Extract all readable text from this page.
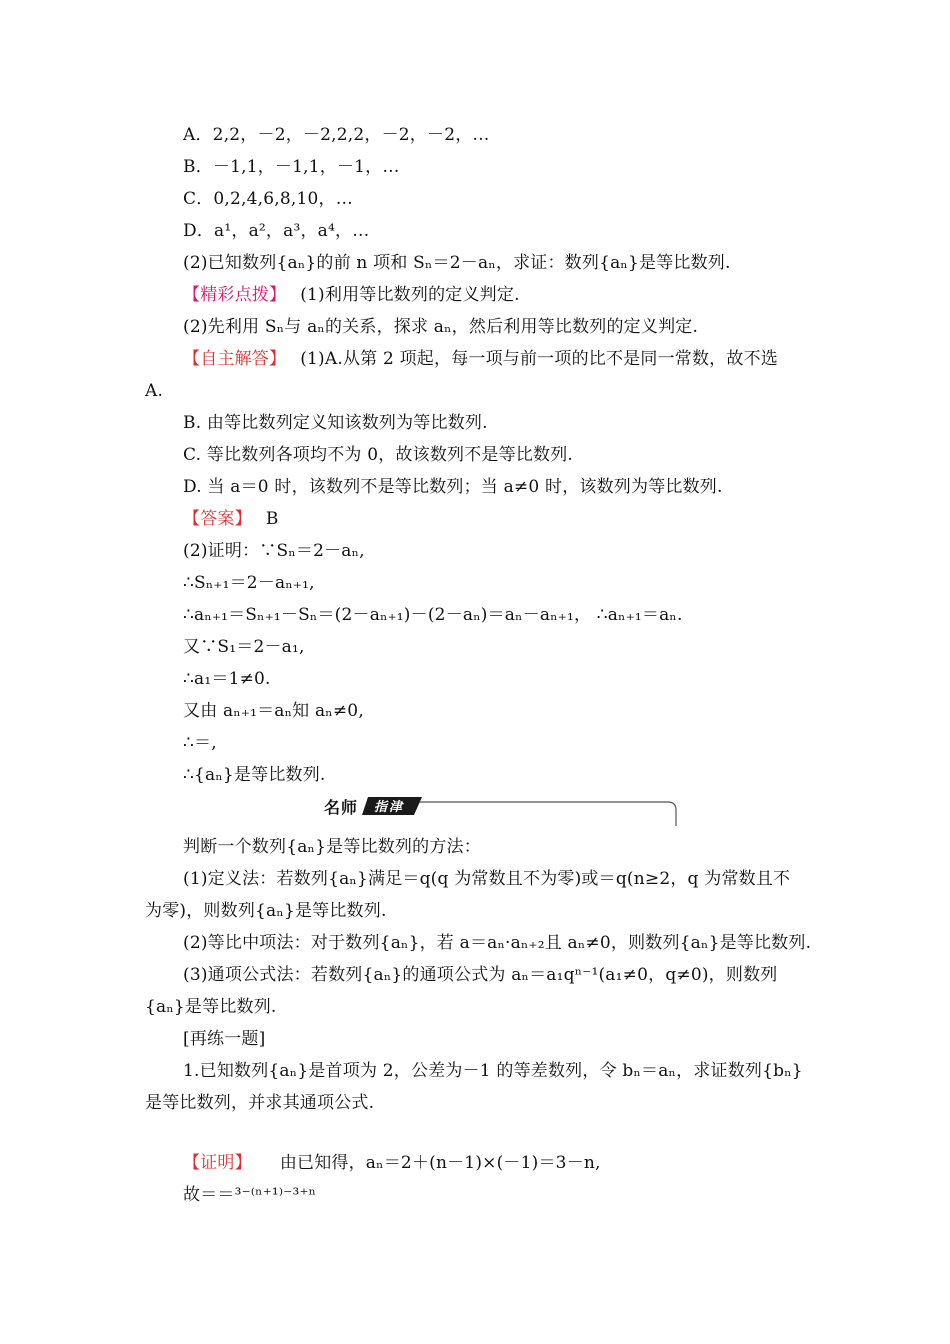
A．2,2，－2，－2,2,2，－2，－2，…
B．－1,1，－1,1，－1，…
C．0,2,4,6,8,10，…
D．a¹，a²，a³，a⁴，…
(2)已知数列{aₙ}的前 n 项和 Sₙ＝2－aₙ，求证：数列{aₙ}是等比数列.
【精彩点拨】 (1)利用等比数列的定义判定.
(2)先利用 Sₙ与 aₙ的关系，探求 aₙ，然后利用等比数列的定义判定.
【自主解答】 (1)A.从第 2 项起，每一项与前一项的比不是同一常数，故不选
A.
B. 由等比数列定义知该数列为等比数列.
C. 等比数列各项均不为 0，故该数列不是等比数列.
D. 当 a＝0 时，该数列不是等比数列；当 a≠0 时，该数列为等比数列.
【答案】 B
(2)证明：∵Sₙ＝2－aₙ,
∴Sₙ₊₁＝2－aₙ₊₁,
∴aₙ₊₁＝Sₙ₊₁－Sₙ＝(2－aₙ₊₁)－(2－aₙ)＝aₙ－aₙ₊₁， ∴aₙ₊₁＝aₙ.
又∵S₁＝2－a₁,
∴a₁＝1≠0.
又由 aₙ₊₁＝aₙ知 aₙ≠0,
∴＝,
∴{aₙ}是等比数列.
名师 指津
判断一个数列{aₙ}是等比数列的方法：
(1)定义法：若数列{aₙ}满足＝q(q 为常数且不为零)或＝q(n≥2，q 为常数且不
为零)，则数列{aₙ}是等比数列.
(2)等比中项法：对于数列{aₙ}，若 a＝aₙ·aₙ₊₂且 aₙ≠0，则数列{aₙ}是等比数列.
(3)通项公式法：若数列{aₙ}的通项公式为 aₙ＝a₁qⁿ⁻¹(a₁≠0，q≠0)，则数列
{aₙ}是等比数列.
[再练一题]
1.已知数列{aₙ}是首项为 2，公差为－1 的等差数列，令 bₙ＝aₙ，求证数列{bₙ}
是等比数列，并求其通项公式.
【证明】 由已知得，aₙ＝2＋(n－1)×(－1)＝3－n,
故＝＝³⁻⁽ⁿ⁺¹⁾⁻³⁺ⁿ
